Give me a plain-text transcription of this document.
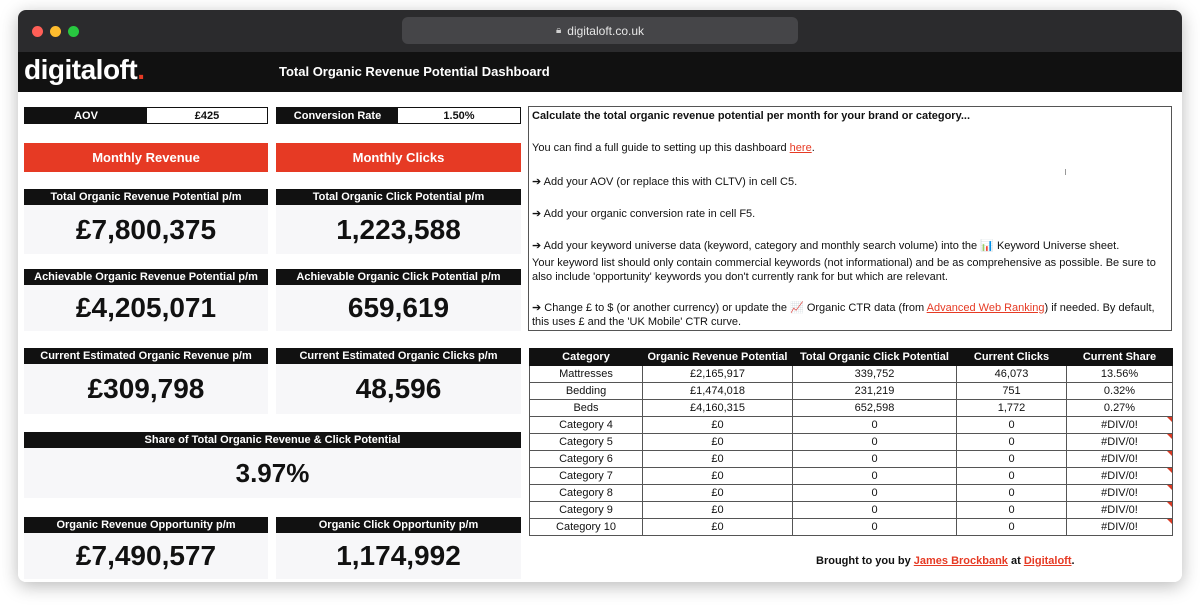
🔒︎ digitaloft.co.uk
digitaloft.	Total Organic Revenue Potential Dashboard
AOV	£425	Conversion Rate	1.50%
Monthly Revenue	Monthly Clicks
Total Organic Revenue Potential p/m
£7,800,375
Total Organic Click Potential p/m
1,223,588
Achievable Organic Revenue Potential p/m
£4,205,071
Achievable Organic Click Potential p/m
659,619
Current Estimated Organic Revenue p/m
£309,798
Current Estimated Organic Clicks p/m
48,596
Share of Total Organic Revenue & Click Potential
3.97%
Organic Revenue Opportunity p/m
£7,490,577
Organic Click Opportunity p/m
1,174,992

Calculate the total organic revenue potential per month for your brand or category...

You can find a full guide to setting up this dashboard here.

➔ Add your AOV (or replace this with CLTV) in cell C5.

➔ Add your organic conversion rate in cell F5.

➔ Add your keyword universe data (keyword, category and monthly search volume) into the 📊 Keyword Universe sheet.

Your keyword list should only contain commercial keywords (not informational) and be as comprehensive as possible. Be sure to also include 'opportunity' keywords you don't currently rank for but which are relevant.

➔ Change £ to $ (or another currency) or update the 📈 Organic CTR data (from Advanced Web Ranking) if needed. By default, this uses £ and the 'UK Mobile' CTR curve.

Category	Organic Revenue Potential	Total Organic Click Potential	Current Clicks	Current Share
Mattresses	£2,165,917	339,752	46,073	13.56%
Bedding	£1,474,018	231,219	751	0.32%
Beds	£4,160,315	652,598	1,772	0.27%
Category 4	£0	0	0	#DIV/0!
Category 5	£0	0	0	#DIV/0!
Category 6	£0	0	0	#DIV/0!
Category 7	£0	0	0	#DIV/0!
Category 8	£0	0	0	#DIV/0!
Category 9	£0	0	0	#DIV/0!
Category 10	£0	0	0	#DIV/0!
Brought to you by James Brockbank at Digitaloft.
